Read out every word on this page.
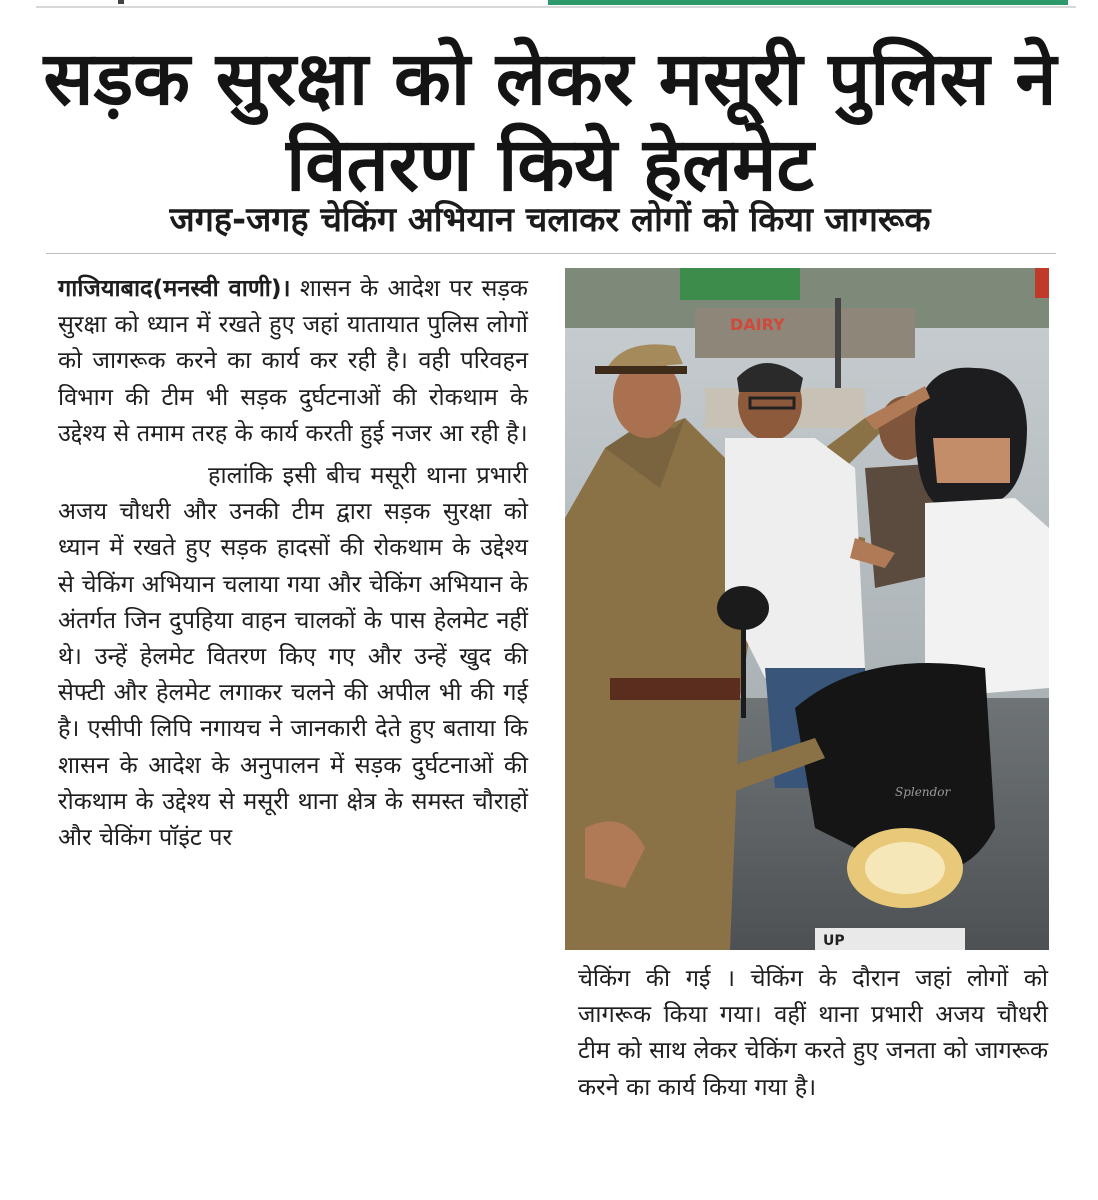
सड़क सुरक्षा को लेकर मसूरी पुलिस ने वितरण किये हेलमेट
जगह-जगह चेकिंग अभियान चलाकर लोगों को किया जागरूक

गाजियाबाद(मनस्वी वाणी)। शासन के आदेश पर सड़क सुरक्षा को ध्यान में रखते हुए जहां यातायात पुलिस लोगों को जागरूक करने का कार्य कर रही है। वही परिवहन विभाग की टीम भी सड़क दुर्घटनाओं की रोकथाम के उद्देश्य से तमाम तरह के कार्य करती हुई नजर आ रही है।

हालांकि इसी बीच मसूरी थाना प्रभारी अजय चौधरी और उनकी टीम द्वारा सड़क सुरक्षा को ध्यान में रखते हुए सड़क हादसों की रोकथाम के उद्देश्य से चेकिंग अभियान चलाया गया और चेकिंग अभियान के अंतर्गत जिन दुपहिया वाहन चालकों के पास हेलमेट नहीं थे। उन्हें हेलमेट वितरण किए गए और उन्हें खुद की सेफ्टी और हेलमेट लगाकर चलने की अपील भी की गई है। एसीपी लिपि नगायच ने जानकारी देते हुए बताया कि शासन के आदेश के अनुपालन में सड़क दुर्घटनाओं की रोकथाम के उद्देश्य से मसूरी थाना क्षेत्र के समस्त चौराहों और चेकिंग पॉइंट पर

DAIRY
Splendor
UP

चेकिंग की गई । चेकिंग के दौरान जहां लोगों को जागरूक किया गया। वहीं थाना प्रभारी अजय चौधरी टीम को साथ लेकर चेकिंग करते हुए जनता को जागरूक करने का कार्य किया गया है।
